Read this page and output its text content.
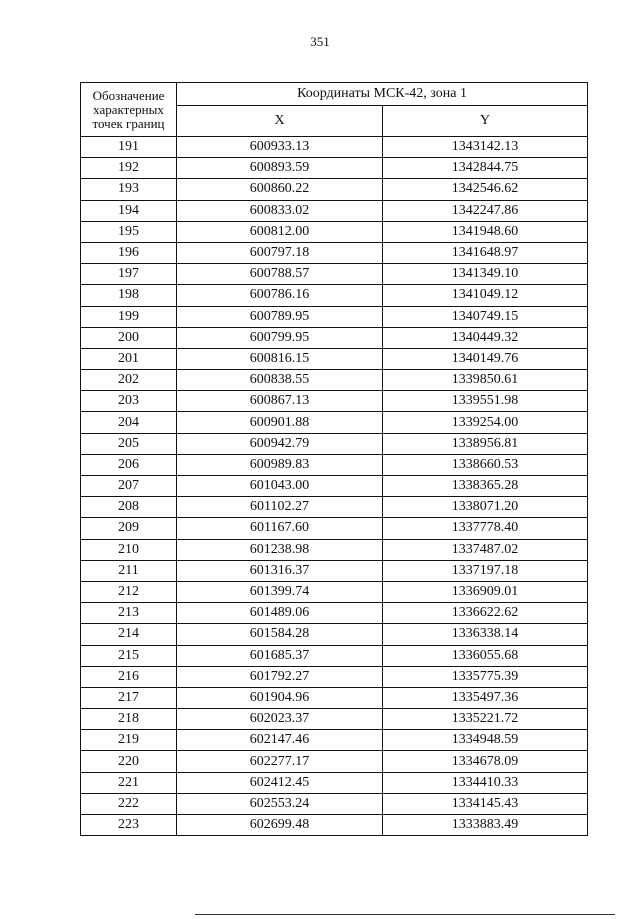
351
Обозначение
характерных
точек границ	Координаты МСК-42, зона 1	
	X	Y
191	600933.13	1343142.13
192	600893.59	1342844.75
193	600860.22	1342546.62
194	600833.02	1342247.86
195	600812.00	1341948.60
196	600797.18	1341648.97
197	600788.57	1341349.10
198	600786.16	1341049.12
199	600789.95	1340749.15
200	600799.95	1340449.32
201	600816.15	1340149.76
202	600838.55	1339850.61
203	600867.13	1339551.98
204	600901.88	1339254.00
205	600942.79	1338956.81
206	600989.83	1338660.53
207	601043.00	1338365.28
208	601102.27	1338071.20
209	601167.60	1337778.40
210	601238.98	1337487.02
211	601316.37	1337197.18
212	601399.74	1336909.01
213	601489.06	1336622.62
214	601584.28	1336338.14
215	601685.37	1336055.68
216	601792.27	1335775.39
217	601904.96	1335497.36
218	602023.37	1335221.72
219	602147.46	1334948.59
220	602277.17	1334678.09
221	602412.45	1334410.33
222	602553.24	1334145.43
223	602699.48	1333883.49
